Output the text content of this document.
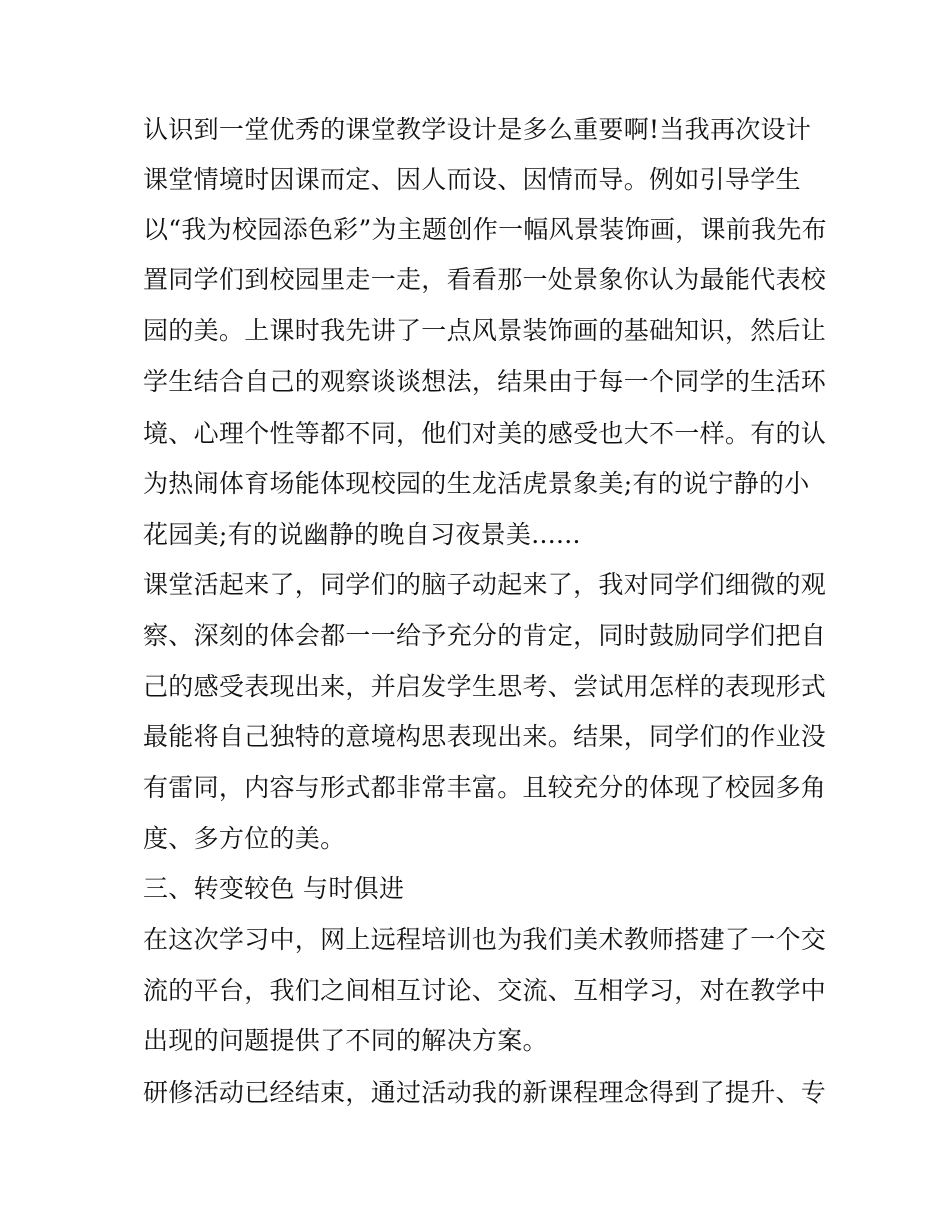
认识到一堂优秀的课堂教学设计是多么重要啊!当我再次设计
课堂情境时因课而定、因人而设、因情而导。例如引导学生
以“我为校园添色彩”为主题创作一幅风景装饰画，课前我先布
置同学们到校园里走一走，看看那一处景象你认为最能代表校
园的美。上课时我先讲了一点风景装饰画的基础知识，然后让
学生结合自己的观察谈谈想法，结果由于每一个同学的生活环
境、心理个性等都不同，他们对美的感受也大不一样。有的认
为热闹体育场能体现校园的生龙活虎景象美;有的说宁静的小
花园美;有的说幽静的晚自习夜景美......
课堂活起来了，同学们的脑子动起来了，我对同学们细微的观
察、深刻的体会都一一给予充分的肯定，同时鼓励同学们把自
己的感受表现出来，并启发学生思考、尝试用怎样的表现形式
最能将自己独特的意境构思表现出来。结果，同学们的作业没
有雷同，内容与形式都非常丰富。且较充分的体现了校园多角
度、多方位的美。
三、转变较色 与时俱进
在这次学习中，网上远程培训也为我们美术教师搭建了一个交
流的平台，我们之间相互讨论、交流、互相学习，对在教学中
出现的问题提供了不同的解决方案。
研修活动已经结束，通过活动我的新课程理念得到了提升、专
